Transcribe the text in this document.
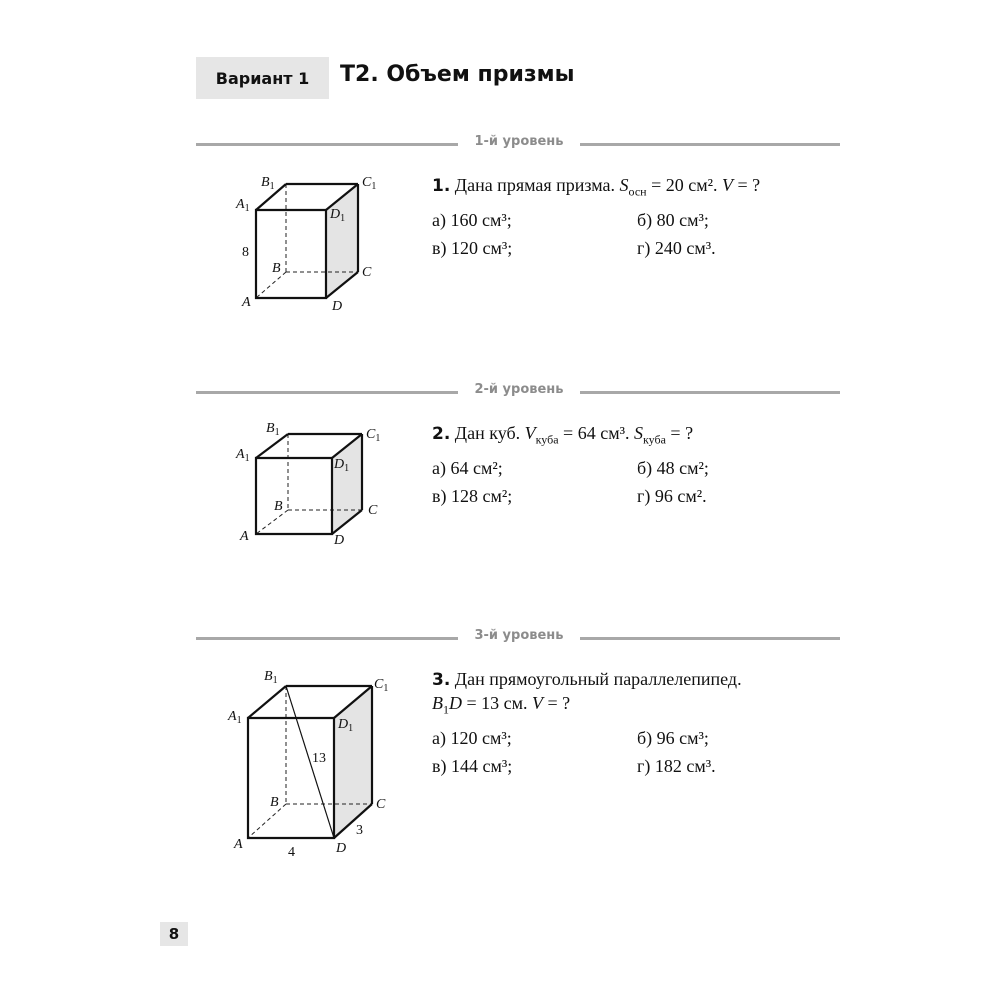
Вариант 1	Т2. Объем призмы
1-й уровень
$B_1$	$C_1$
$A_1$	$D_1$
B	C
A	D
8
1. Дана прямая призма. $S_{осн} = 20$ см². V = ?
а) 160 см³;	б) 80 см³;
в) 120 см³;	г) 240 см³.
2-й уровень
$B_1$	$C_1$
$A_1$	$D_1$
B	C
A	D
2. Дан куб. $V_{куба} = 64$ см³. $S_{куба}$ = ?
а) 64 см²;	б) 48 см²;
в) 128 см²;	г) 96 см².
3-й уровень
$B_1$	$C_1$
$A_1$	$D_1$
B	C
A	D
13
4
3
3. Дан прямоугольный параллелепипед.
$B_1D = 13$ см. V = ?
а) 120 см³;	б) 96 см³;
в) 144 см³;	г) 182 см³.
8
